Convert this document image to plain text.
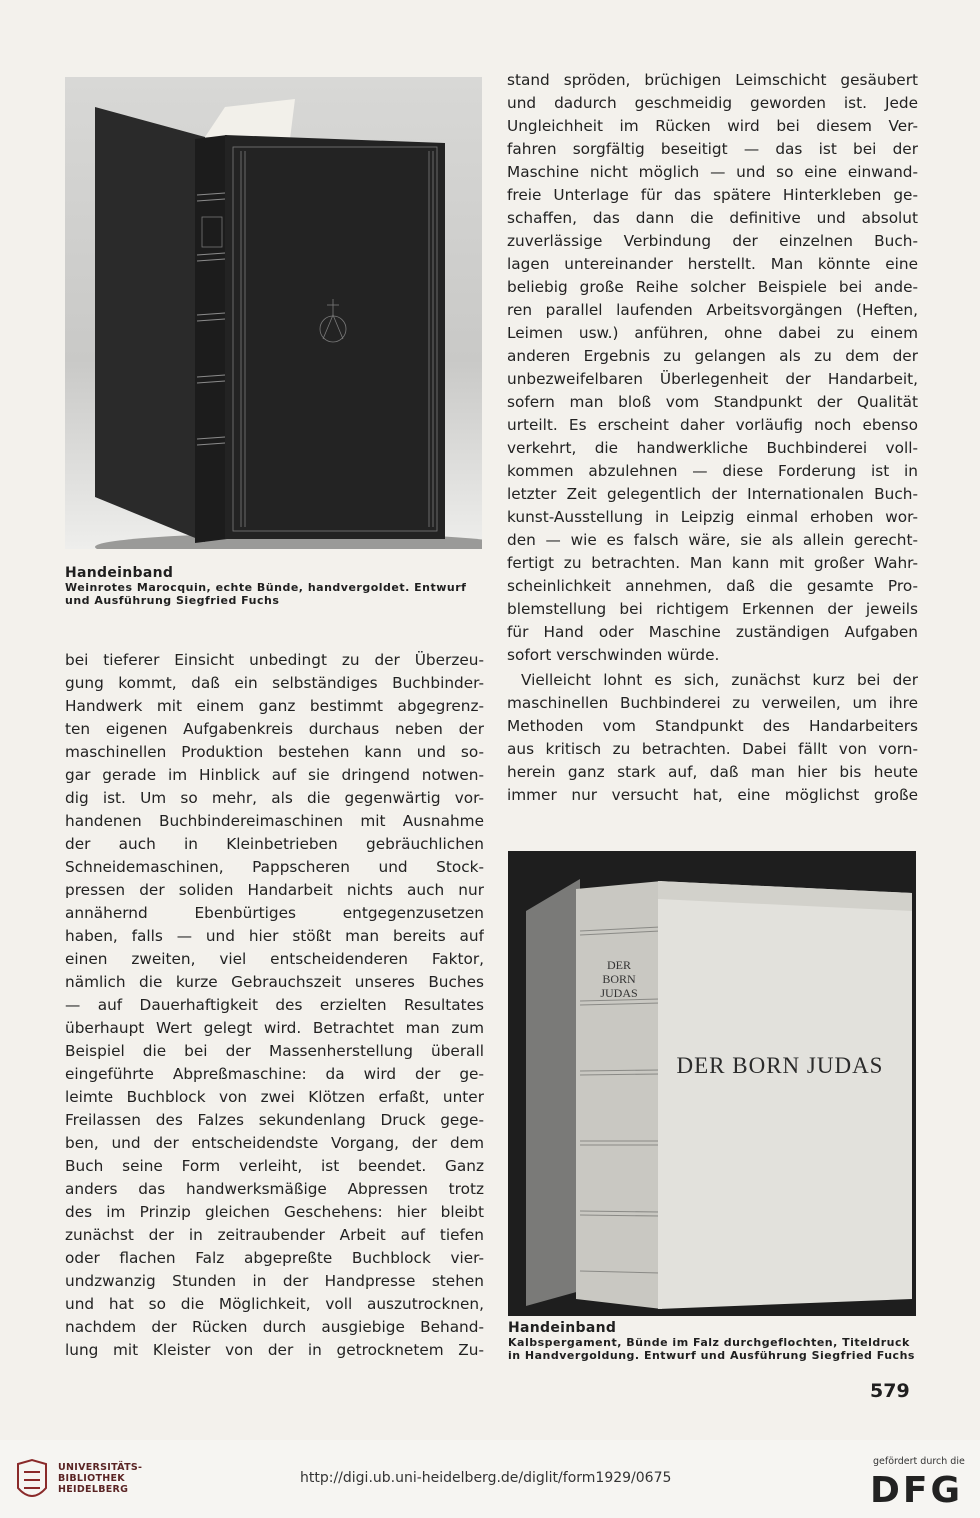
Handeinband
Weinrotes Marocquin, echte Bünde, handvergoldet. Entwurf
und Ausführung Siegfried Fuchs
stand spröden, brüchigen Leimschicht gesäubert
und dadurch geschmeidig geworden ist. Jede
Ungleichheit im Rücken wird bei diesem Ver-
fahren sorgfältig beseitigt — das ist bei der
Maschine nicht möglich — und so eine einwand-
freie Unterlage für das spätere Hinterkleben ge-
schaffen, das dann die definitive und absolut
zuverlässige Verbindung der einzelnen Buch-
lagen untereinander herstellt. Man könnte eine
beliebig große Reihe solcher Beispiele bei ande-
ren parallel laufenden Arbeitsvorgängen (Heften,
Leimen usw.) anführen, ohne dabei zu einem
anderen Ergebnis zu gelangen als zu dem der
unbezweifelbaren Überlegenheit der Handarbeit,
sofern man bloß vom Standpunkt der Qualität
urteilt. Es erscheint daher vorläufig noch ebenso
verkehrt, die handwerkliche Buchbinderei voll-
kommen abzulehnen — diese Forderung ist in
letzter Zeit gelegentlich der Internationalen Buch-
kunst-Ausstellung in Leipzig einmal erhoben wor-
den — wie es falsch wäre, sie als allein gerecht-
fertigt zu betrachten. Man kann mit großer Wahr-
scheinlichkeit annehmen, daß die gesamte Pro-
blemstellung bei richtigem Erkennen der jeweils
für Hand oder Maschine zuständigen Aufgaben
sofort verschwinden würde.
Vielleicht lohnt es sich, zunächst kurz bei der
maschinellen Buchbinderei zu verweilen, um ihre
Methoden vom Standpunkt des Handarbeiters
aus kritisch zu betrachten. Dabei fällt von vorn-
herein ganz stark auf, daß man hier bis heute
immer nur versucht hat, eine möglichst große
bei tieferer Einsicht unbedingt zu der Überzeu-
gung kommt, daß ein selbständiges Buchbinder-
Handwerk mit einem ganz bestimmt abgegrenz-
ten eigenen Aufgabenkreis durchaus neben der
maschinellen Produktion bestehen kann und so-
gar gerade im Hinblick auf sie dringend notwen-
dig ist. Um so mehr, als die gegenwärtig vor-
handenen Buchbindereimaschinen mit Ausnahme
der auch in Kleinbetrieben gebräuchlichen
Schneidemaschinen, Pappscheren und Stock-
pressen der soliden Handarbeit nichts auch nur
annähernd Ebenbürtiges entgegenzusetzen
haben, falls — und hier stößt man bereits auf
einen zweiten, viel entscheidenderen Faktor,
nämlich die kurze Gebrauchszeit unseres Buches
— auf Dauerhaftigkeit des erzielten Resultates
überhaupt Wert gelegt wird. Betrachtet man zum
Beispiel die bei der Massenherstellung überall
eingeführte Abpreßmaschine: da wird der ge-
leimte Buchblock von zwei Klötzen erfaßt, unter
Freilassen des Falzes sekundenlang Druck gege-
ben, und der entscheidendste Vorgang, der dem
Buch seine Form verleiht, ist beendet. Ganz
anders das handwerksmäßige Abpressen trotz
des im Prinzip gleichen Geschehens: hier bleibt
zunächst der in zeitraubender Arbeit auf tiefen
oder flachen Falz abgepreßte Buchblock vier-
undzwanzig Stunden in der Handpresse stehen
und hat so die Möglichkeit, voll auszutrocknen,
nachdem der Rücken durch ausgiebige Behand-
lung mit Kleister von der in getrocknetem Zu-
DER
BORN
JUDAS
DER BORN JUDAS
Handeinband
Kalbspergament, Bünde im Falz durchgeflochten, Titeldruck
in Handvergoldung. Entwurf und Ausführung Siegfried Fuchs
579
UNIVERSITÄTS-
BIBLIOTHEK
HEIDELBERG
http://digi.ub.uni-heidelberg.de/diglit/form1929/0675
gefördert durch die
DFG
